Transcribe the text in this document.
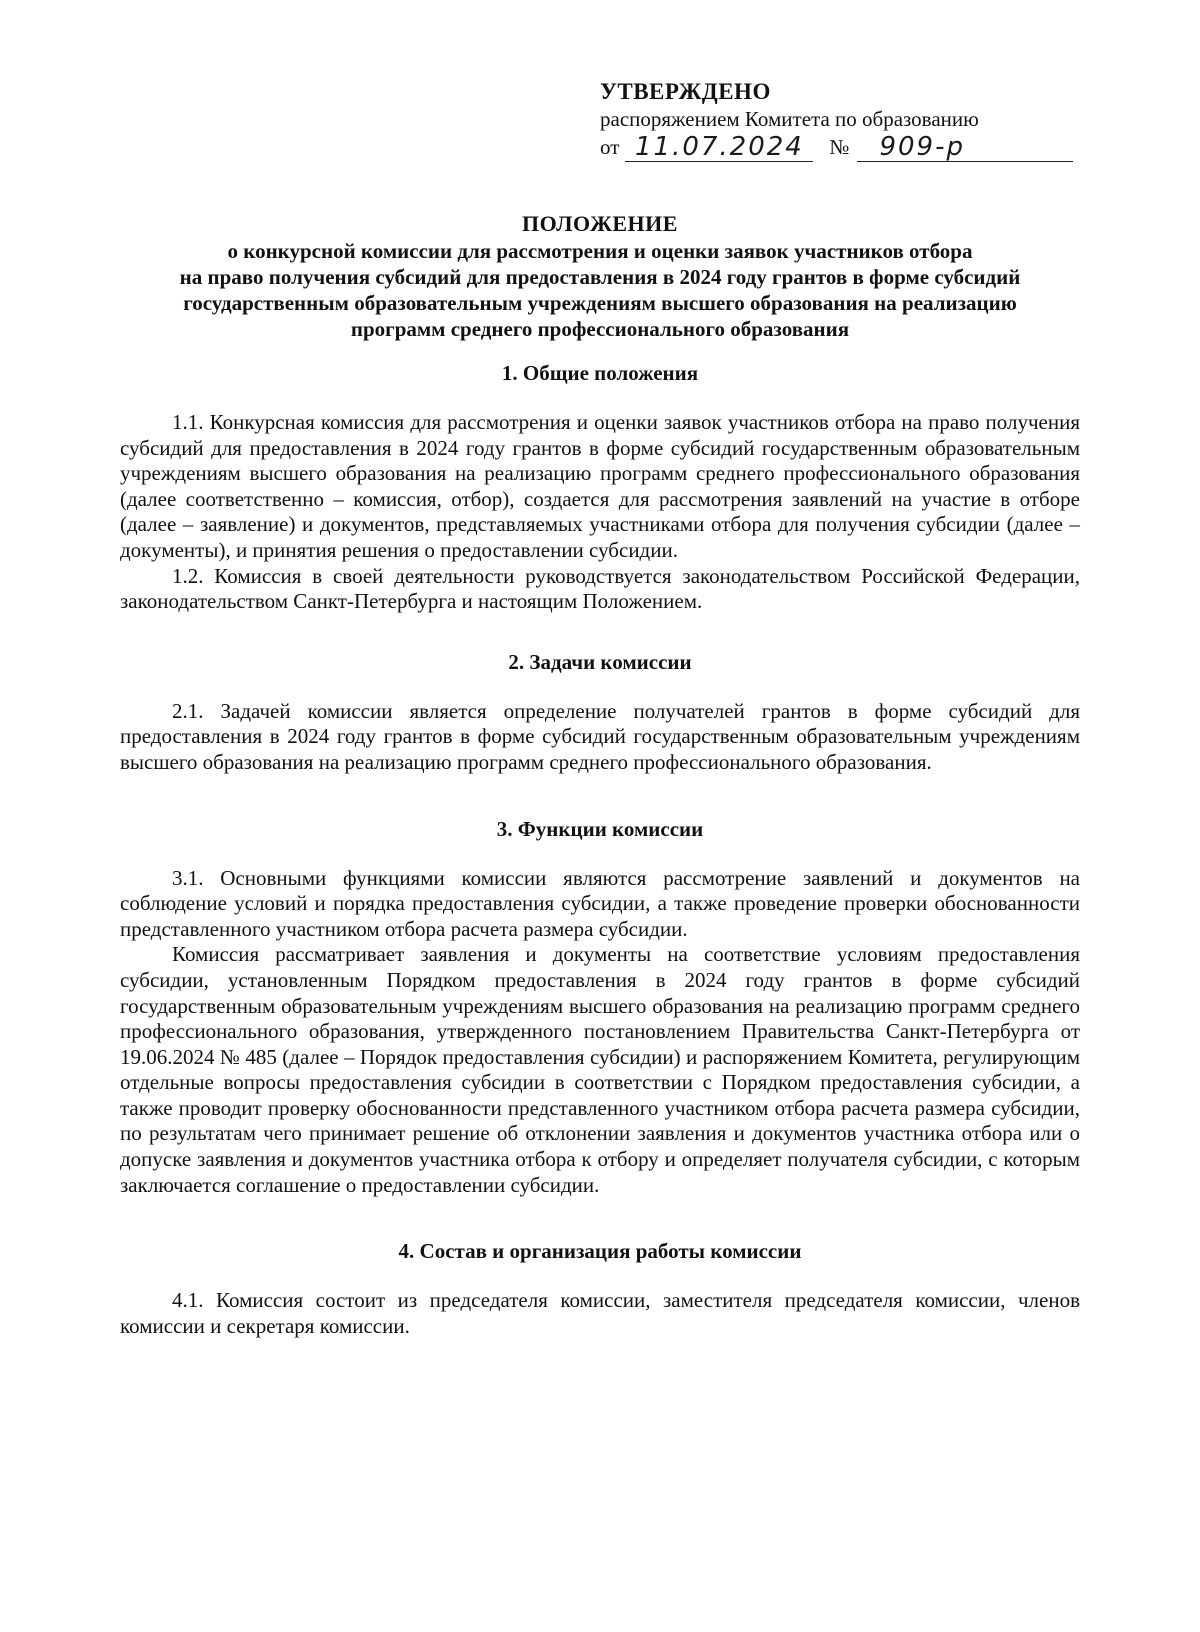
УТВЕРЖДЕНО
распоряжением Комитета по образованию
от 11.07.2024	№	909-р
ПОЛОЖЕНИЕ
о конкурсной комиссии для рассмотрения и оценки заявок участников отбора
на право получения субсидий для предоставления в 2024 году грантов в форме субсидий
государственным образовательным учреждениям высшего образования на реализацию
программ среднего профессионального образования
1. Общие положения

1.1. Конкурсная комиссия для рассмотрения и оценки заявок участников отбора на право получения субсидий для предоставления в 2024 году грантов в форме субсидий государственным образовательным учреждениям высшего образования на реализацию программ среднего профессионального образования (далее соответственно – комиссия, отбор), создается для рассмотрения заявлений на участие в отборе (далее – заявление) и документов, представляемых участниками отбора для получения субсидии (далее – документы), и принятия решения о предоставлении субсидии.

1.2. Комиссия в своей деятельности руководствуется законодательством Российской Федерации, законодательством Санкт-Петербурга и настоящим Положением.

2. Задачи комиссии

2.1. Задачей комиссии является определение получателей грантов в форме субсидий для предоставления в 2024 году грантов в форме субсидий государственным образовательным учреждениям высшего образования на реализацию программ среднего профессионального образования.

3. Функции комиссии

3.1. Основными функциями комиссии являются рассмотрение заявлений и документов на соблюдение условий и порядка предоставления субсидии, а также проведение проверки обоснованности представленного участником отбора расчета размера субсидии.

Комиссия рассматривает заявления и документы на соответствие условиям предоставления субсидии, установленным Порядком предоставления в 2024 году грантов в форме субсидий государственным образовательным учреждениям высшего образования на реализацию программ среднего профессионального образования, утвержденного постановлением Правительства Санкт-Петербурга от 19.06.2024 № 485 (далее – Порядок предоставления субсидии) и распоряжением Комитета, регулирующим отдельные вопросы предоставления субсидии в соответствии с Порядком предоставления субсидии, а также проводит проверку обоснованности представленного участником отбора расчета размера субсидии, по результатам чего принимает решение об отклонении заявления и документов участника отбора или о допуске заявления и документов участника отбора к отбору и определяет получателя субсидии, с которым заключается соглашение о предоставлении субсидии.

4. Состав и организация работы комиссии

4.1. Комиссия состоит из председателя комиссии, заместителя председателя комиссии, членов комиссии и секретаря комиссии.
